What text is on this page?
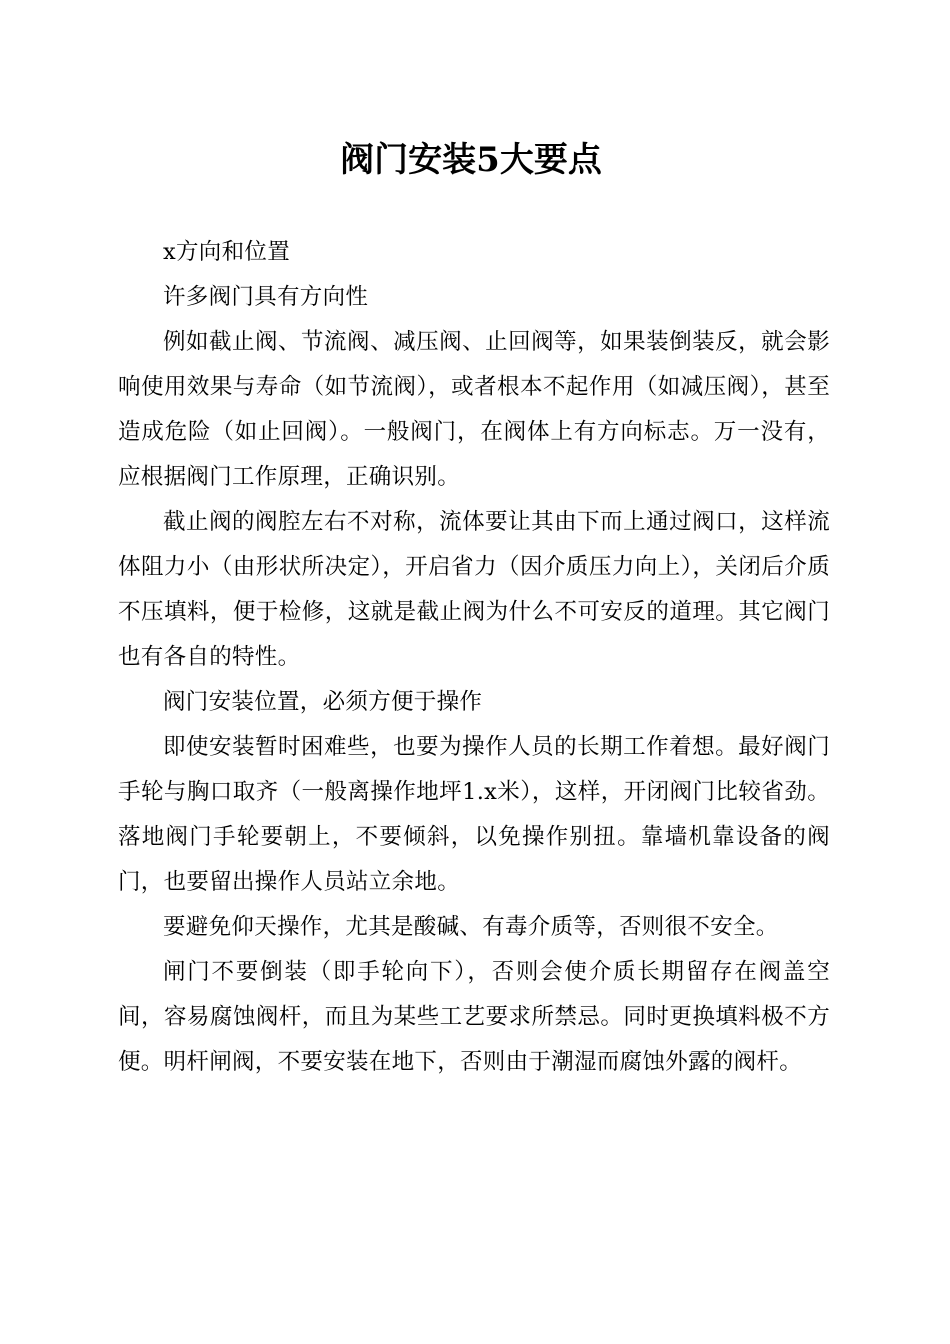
阀门安装5大要点

x方向和位置

许多阀门具有方向性

例如截止阀、节流阀、减压阀、止回阀等，如果装倒装反，就会影响使用效果与寿命（如节流阀），或者根本不起作用（如减压阀），甚至造成危险（如止回阀）。一般阀门，在阀体上有方向标志。万一没有，应根据阀门工作原理，正确识别。

截止阀的阀腔左右不对称，流体要让其由下而上通过阀口，这样流体阻力小（由形状所决定），开启省力（因介质压力向上），关闭后介质不压填料，便于检修，这就是截止阀为什么不可安反的道理。其它阀门也有各自的特性。

阀门安装位置，必须方便于操作

即使安装暂时困难些，也要为操作人员的长期工作着想。最好阀门手轮与胸口取齐（一般离操作地坪1.x米），这样，开闭阀门比较省劲。落地阀门手轮要朝上，不要倾斜，以免操作别扭。靠墙机靠设备的阀门，也要留出操作人员站立余地。

要避免仰天操作，尤其是酸碱、有毒介质等，否则很不安全。

闸门不要倒装（即手轮向下），否则会使介质长期留存在阀盖空间，容易腐蚀阀杆，而且为某些工艺要求所禁忌。同时更换填料极不方便。明杆闸阀，不要安装在地下，否则由于潮湿而腐蚀外露的阀杆。
